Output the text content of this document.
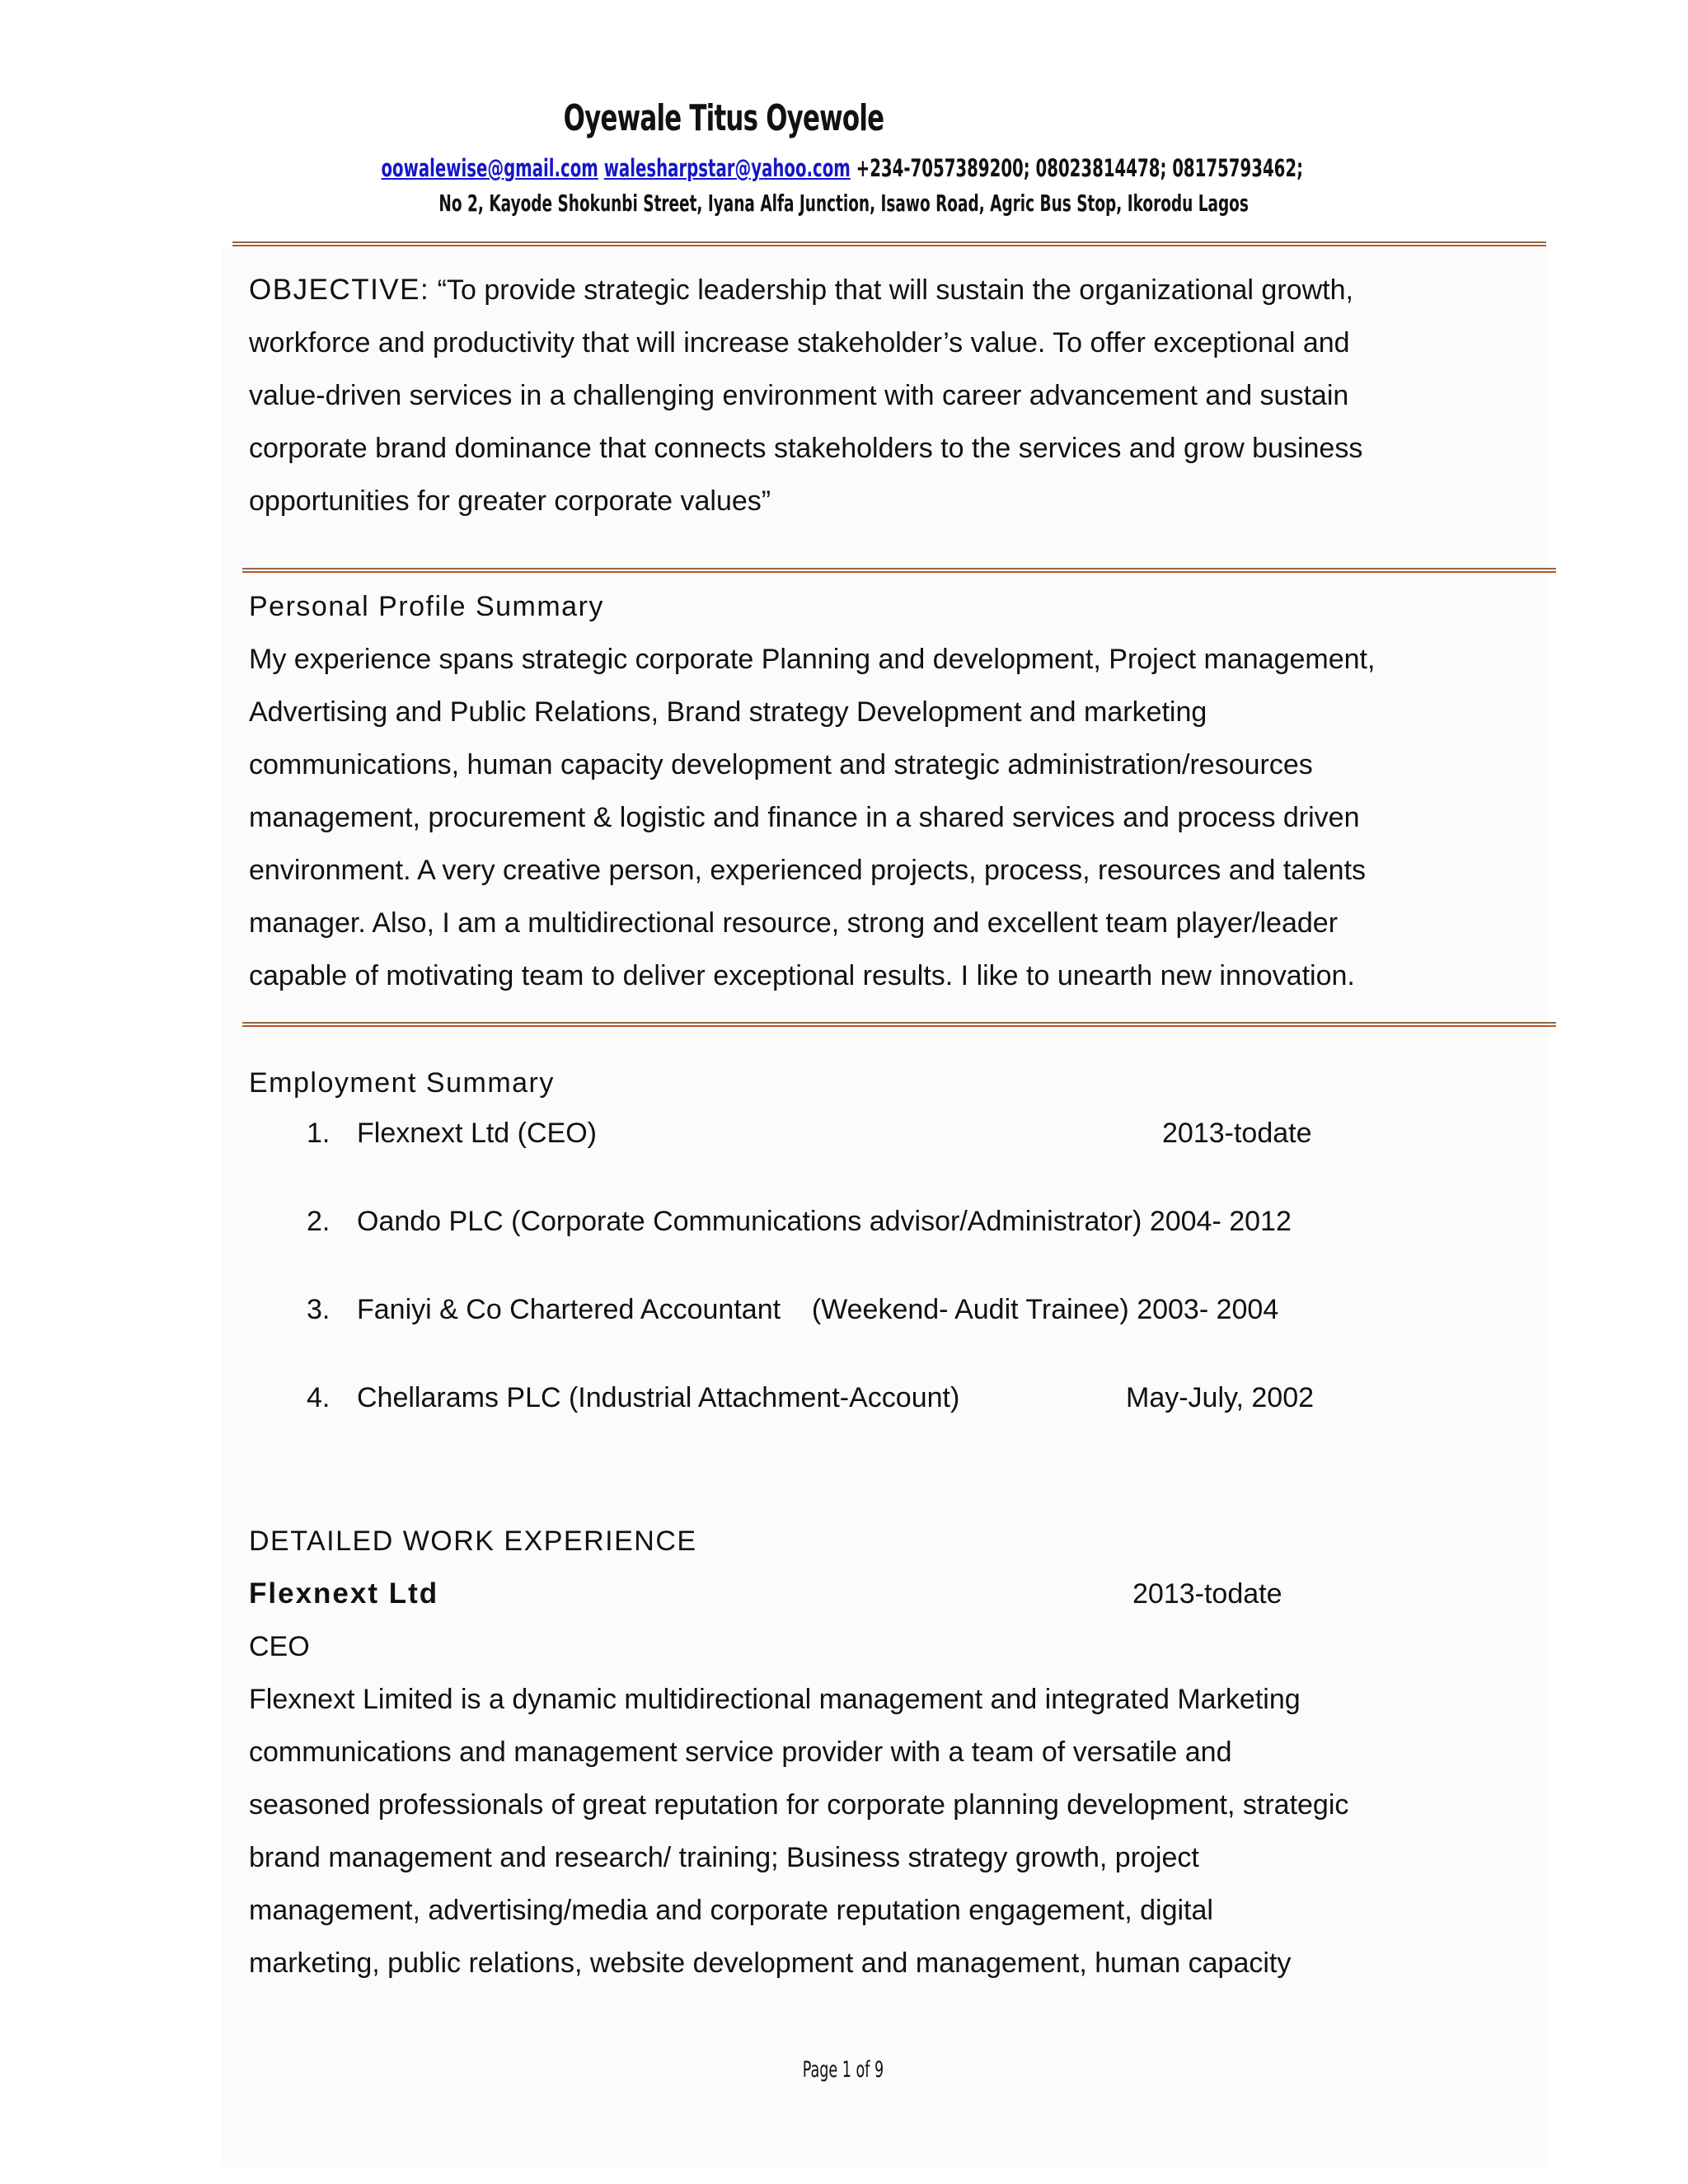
Oyewale Titus Oyewole
oowalewise@gmail.com walesharpstar@yahoo.com +234-7057389200; 08023814478; 08175793462;
No 2, Kayode Shokunbi Street, Iyana Alfa Junction, Isawo Road, Agric Bus Stop, Ikorodu Lagos
OBJECTIVE: “To provide strategic leadership that will sustain the organizational growth,
workforce and productivity that will increase stakeholder’s value. To offer exceptional and
value-driven services in a challenging environment with career advancement and sustain
corporate brand dominance that connects stakeholders to the services and grow business
opportunities for greater corporate values”
Personal Profile Summary
My experience spans strategic corporate Planning and development, Project management,
Advertising and Public Relations, Brand strategy Development and marketing
communications, human capacity development and strategic administration/resources
management, procurement & logistic and finance in a shared services and process driven
environment. A very creative person, experienced projects, process, resources and talents
manager. Also, I am a multidirectional resource, strong and excellent team player/leader
capable of motivating team to deliver exceptional results. I like to unearth new innovation.
Employment Summary
1. Flexnext Ltd (CEO)	2013-todate
2. Oando PLC (Corporate Communications advisor/Administrator) 2004- 2012
3. Faniyi & Co Chartered Accountant    (Weekend- Audit Trainee) 2003- 2004
4. Chellarams PLC (Industrial Attachment-Account)	May-July, 2002
DETAILED WORK EXPERIENCE
Flexnext Ltd	2013-todate
CEO
Flexnext Limited is a dynamic multidirectional management and integrated Marketing
communications and management service provider with a team of versatile and
seasoned professionals of great reputation for corporate planning development, strategic
brand management and research/ training; Business strategy growth, project
management, advertising/media and corporate reputation engagement, digital
marketing, public relations, website development and management, human capacity
Page 1 of 9
